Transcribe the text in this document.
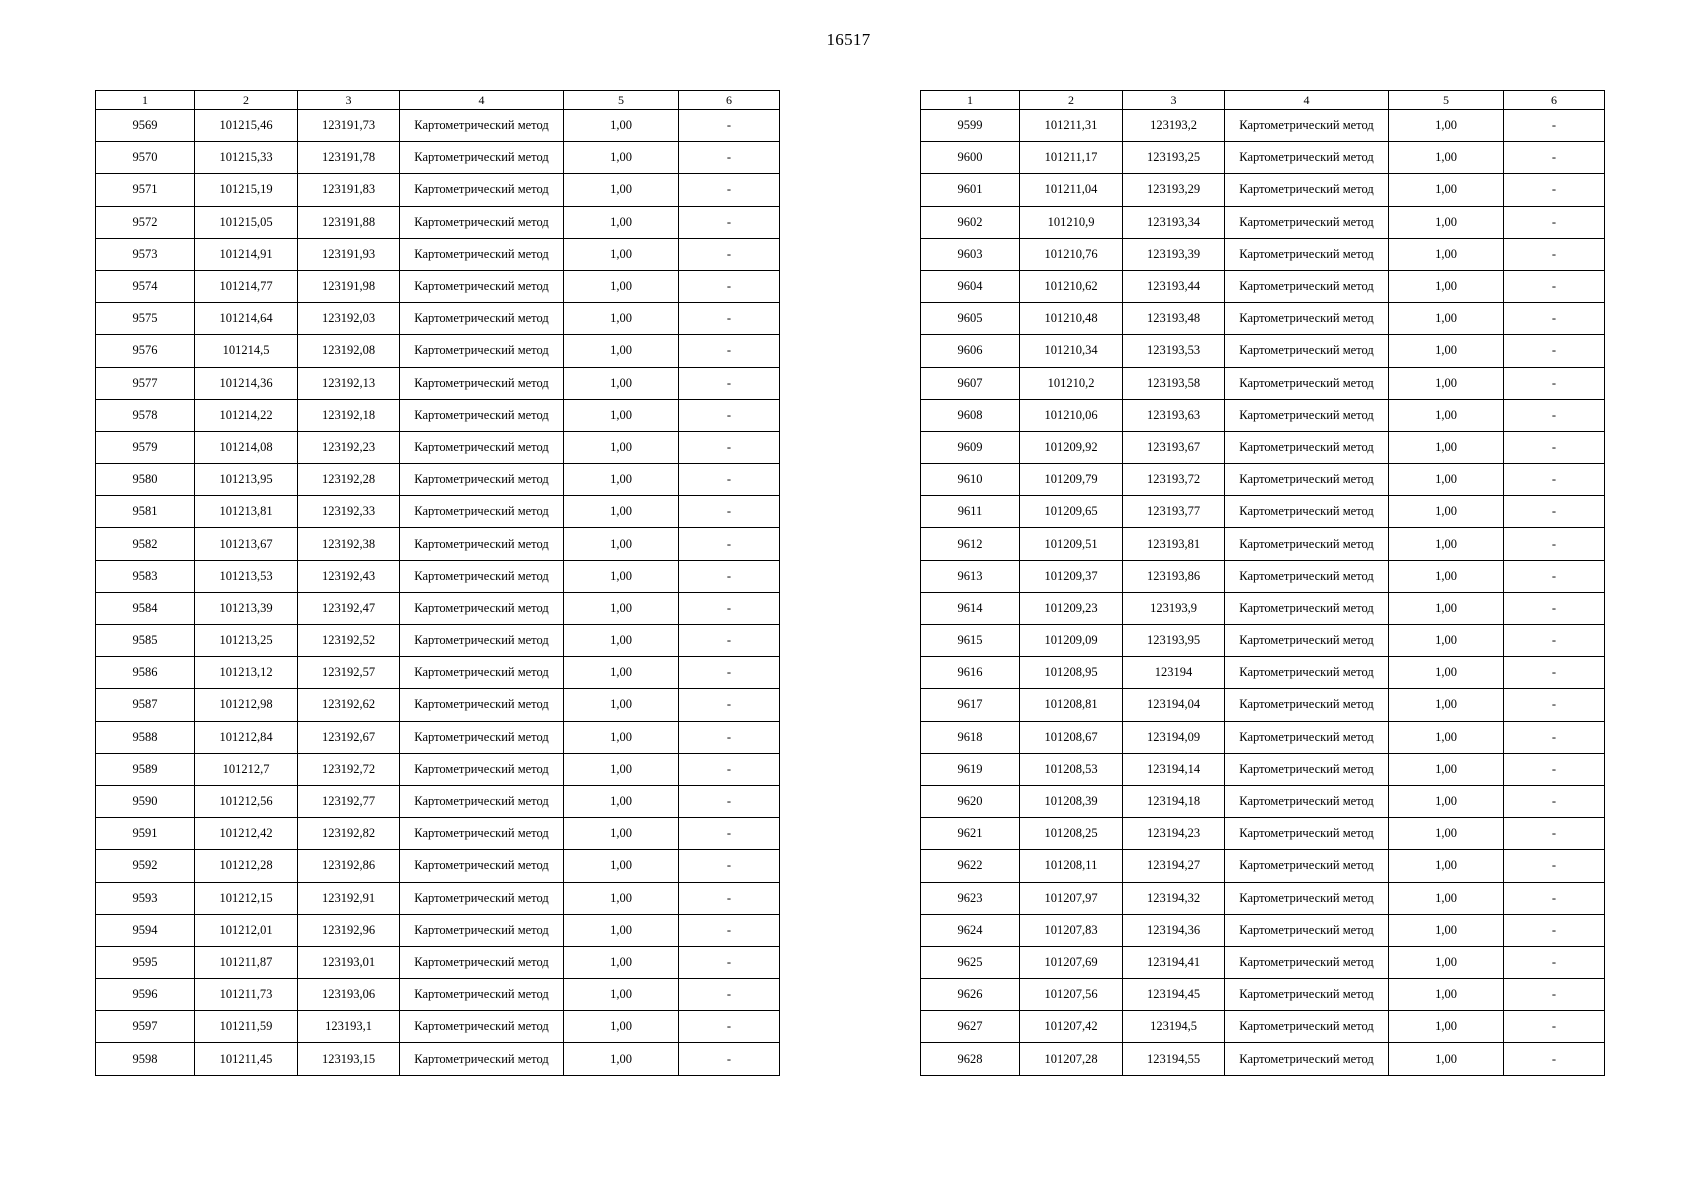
16517
1	2	3	4	5	6
9569	101215,46	123191,73	Картометрический метод	1,00	-
9570	101215,33	123191,78	Картометрический метод	1,00	-
9571	101215,19	123191,83	Картометрический метод	1,00	-
9572	101215,05	123191,88	Картометрический метод	1,00	-
9573	101214,91	123191,93	Картометрический метод	1,00	-
9574	101214,77	123191,98	Картометрический метод	1,00	-
9575	101214,64	123192,03	Картометрический метод	1,00	-
9576	101214,5	123192,08	Картометрический метод	1,00	-
9577	101214,36	123192,13	Картометрический метод	1,00	-
9578	101214,22	123192,18	Картометрический метод	1,00	-
9579	101214,08	123192,23	Картометрический метод	1,00	-
9580	101213,95	123192,28	Картометрический метод	1,00	-
9581	101213,81	123192,33	Картометрический метод	1,00	-
9582	101213,67	123192,38	Картометрический метод	1,00	-
9583	101213,53	123192,43	Картометрический метод	1,00	-
9584	101213,39	123192,47	Картометрический метод	1,00	-
9585	101213,25	123192,52	Картометрический метод	1,00	-
9586	101213,12	123192,57	Картометрический метод	1,00	-
9587	101212,98	123192,62	Картометрический метод	1,00	-
9588	101212,84	123192,67	Картометрический метод	1,00	-
9589	101212,7	123192,72	Картометрический метод	1,00	-
9590	101212,56	123192,77	Картометрический метод	1,00	-
9591	101212,42	123192,82	Картометрический метод	1,00	-
9592	101212,28	123192,86	Картометрический метод	1,00	-
9593	101212,15	123192,91	Картометрический метод	1,00	-
9594	101212,01	123192,96	Картометрический метод	1,00	-
9595	101211,87	123193,01	Картометрический метод	1,00	-
9596	101211,73	123193,06	Картометрический метод	1,00	-
9597	101211,59	123193,1	Картометрический метод	1,00	-
9598	101211,45	123193,15	Картометрический метод	1,00	-
1	2	3	4	5	6
9599	101211,31	123193,2	Картометрический метод	1,00	-
9600	101211,17	123193,25	Картометрический метод	1,00	-
9601	101211,04	123193,29	Картометрический метод	1,00	-
9602	101210,9	123193,34	Картометрический метод	1,00	-
9603	101210,76	123193,39	Картометрический метод	1,00	-
9604	101210,62	123193,44	Картометрический метод	1,00	-
9605	101210,48	123193,48	Картометрический метод	1,00	-
9606	101210,34	123193,53	Картометрический метод	1,00	-
9607	101210,2	123193,58	Картометрический метод	1,00	-
9608	101210,06	123193,63	Картометрический метод	1,00	-
9609	101209,92	123193,67	Картометрический метод	1,00	-
9610	101209,79	123193,72	Картометрический метод	1,00	-
9611	101209,65	123193,77	Картометрический метод	1,00	-
9612	101209,51	123193,81	Картометрический метод	1,00	-
9613	101209,37	123193,86	Картометрический метод	1,00	-
9614	101209,23	123193,9	Картометрический метод	1,00	-
9615	101209,09	123193,95	Картометрический метод	1,00	-
9616	101208,95	123194	Картометрический метод	1,00	-
9617	101208,81	123194,04	Картометрический метод	1,00	-
9618	101208,67	123194,09	Картометрический метод	1,00	-
9619	101208,53	123194,14	Картометрический метод	1,00	-
9620	101208,39	123194,18	Картометрический метод	1,00	-
9621	101208,25	123194,23	Картометрический метод	1,00	-
9622	101208,11	123194,27	Картометрический метод	1,00	-
9623	101207,97	123194,32	Картометрический метод	1,00	-
9624	101207,83	123194,36	Картометрический метод	1,00	-
9625	101207,69	123194,41	Картометрический метод	1,00	-
9626	101207,56	123194,45	Картометрический метод	1,00	-
9627	101207,42	123194,5	Картометрический метод	1,00	-
9628	101207,28	123194,55	Картометрический метод	1,00	-
